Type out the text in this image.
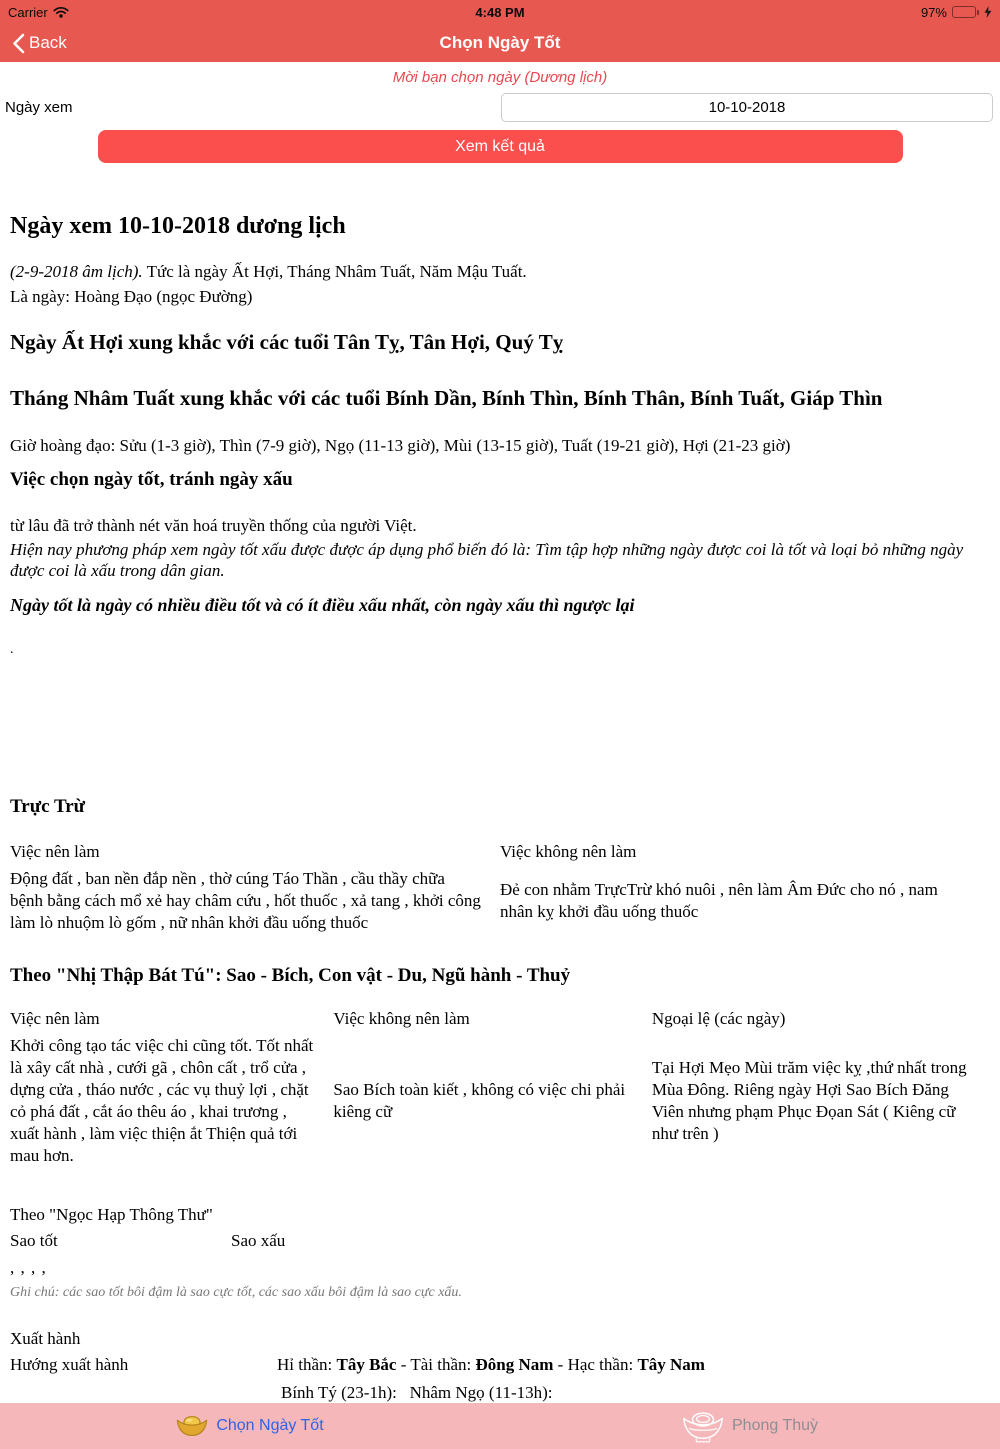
Carrier	4:48 PM	97%
Back	Chọn Ngày Tốt
Mời bạn chọn ngày (Dương lịch)
Ngày xem
10-10-2018
Xem kết quả
Ngày xem 10-10-2018 dương lịch

(2-9-2018 âm lịch). Tức là ngày Ất Hợi, Tháng Nhâm Tuất, Năm Mậu Tuất.

Là ngày: Hoàng Đạo (ngọc Đường)

Ngày Ất Hợi xung khắc với các tuổi Tân Tỵ, Tân Hợi, Quý Tỵ
Tháng Nhâm Tuất xung khắc với các tuổi Bính Dần, Bính Thìn, Bính Thân, Bính Tuất, Giáp Thìn

Giờ hoàng đạo: Sửu (1-3 giờ), Thìn (7-9 giờ), Ngọ (11-13 giờ), Mùi (13-15 giờ), Tuất (19-21 giờ), Hợi (21-23 giờ)

Việc chọn ngày tốt, tránh ngày xấu

từ lâu đã trở thành nét văn hoá truyền thống của người Việt.

Hiện nay phương pháp xem ngày tốt xấu được được áp dụng phổ biến đó là: Tìm tập hợp những ngày được coi là tốt và loại bỏ những ngày được coi là xấu trong dân gian.

Ngày tốt là ngày có nhiều điều tốt và có ít điều xấu nhất, còn ngày xấu thì ngược lại

.

Trực Trừ
Việc nên làm	Việc không nên làm
Động đất , ban nền đắp nền , thờ cúng Táo Thần , cầu thầy chữa bệnh bằng cách mổ xẻ hay châm cứu , hốt thuốc , xả tang , khởi công làm lò nhuộm lò gốm , nữ nhân khởi đầu uống thuốc	Đẻ con nhằm TrựcTrừ khó nuôi , nên làm Âm Đức cho nó , nam nhân kỵ khởi đầu uống thuốc
Theo "Nhị Thập Bát Tú": Sao - Bích, Con vật - Du, Ngũ hành - Thuỷ
Việc nên làm	Việc không nên làm	Ngoại lệ (các ngày)
Khởi công tạo tác việc chi cũng tốt. Tốt nhất là xây cất nhà , cưới gã , chôn cất , trổ cửa , dựng cửa , tháo nước , các vụ thuỷ lợi , chặt cỏ phá đất , cắt áo thêu áo , khai trương , xuất hành , làm việc thiện ắt Thiện quả tới mau hơn.	Sao Bích toàn kiết , không có việc chi phải kiêng cữ	Tại Hợi Mẹo Mùi trăm việc kỵ ,thứ nhất trong Mùa Đông. Riêng ngày Hợi Sao Bích Đăng Viên nhưng phạm Phục Đọan Sát ( Kiêng cữ như trên )

Theo "Ngọc Hạp Thông Thư"

Sao tốt	Sao xấu
, , , ,
Ghi chú: các sao tốt bôi đậm là sao cực tốt, các sao xấu bôi đậm là sao cực xấu.

Xuất hành

Hướng xuất hành	Hỉ thần: Tây Bắc - Tài thần: Đông Nam - Hạc thần: Tây Nam
Bính Tý (23-1h):   Nhâm Ngọ (11-13h):
Chọn Ngày Tốt	Phong Thuỳ
